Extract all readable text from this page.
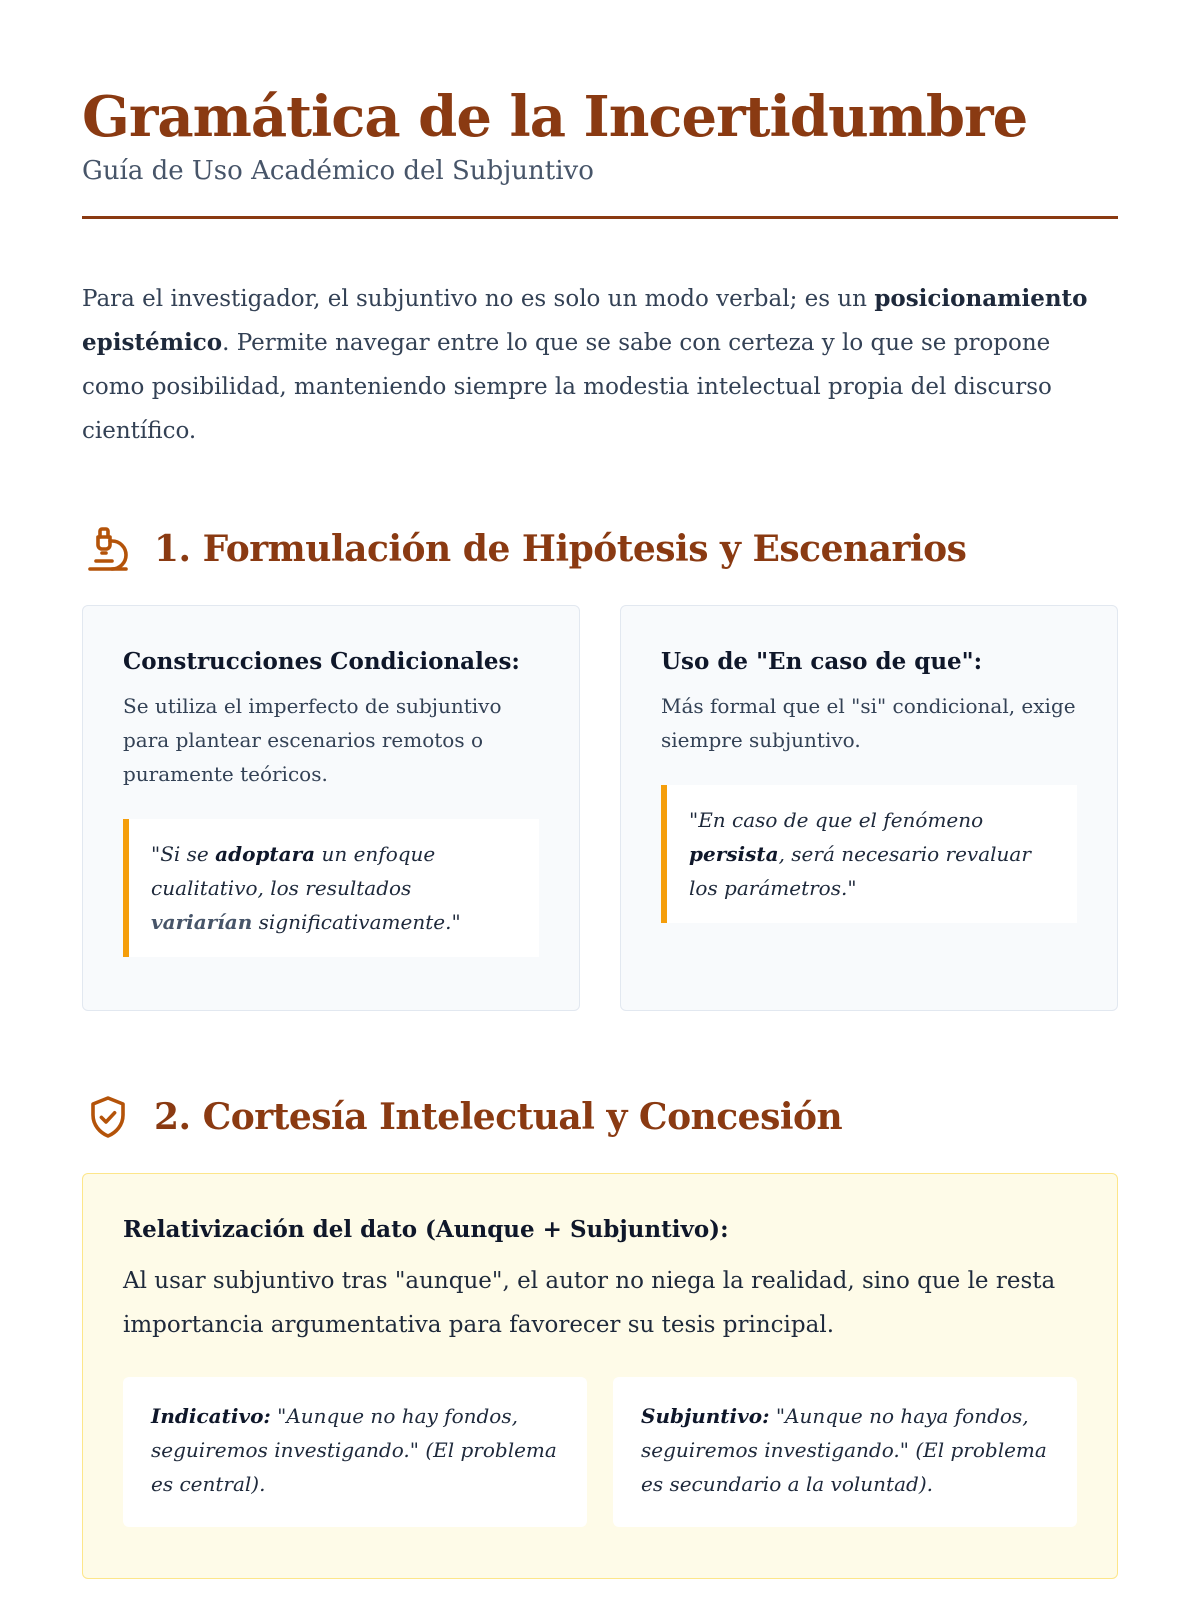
Gramática de la Incertidumbre
Guía de Uso Académico del Subjuntivo

Para el investigador, el subjuntivo no es solo un modo verbal; es un posicionamiento epistémico. Permite navegar entre lo que se sabe con certeza y lo que se propone como posibilidad, manteniendo siempre la modestia intelectual propia del discurso científico.

1. Formulación de Hipótesis y Escenarios
Construcciones Condicionales:

Se utiliza el imperfecto de subjuntivo para plantear escenarios remotos o puramente teóricos.

"Si se adoptara un enfoque cualitativo, los resultados variarían significativamente."
Uso de "En caso de que":

Más formal que el "si" condicional, exige siempre subjuntivo.

"En caso de que el fenómeno persista, será necesario revaluar los parámetros."
2. Cortesía Intelectual y Concesión
Relativización del dato (Aunque + Subjuntivo):

Al usar subjuntivo tras "aunque", el autor no niega la realidad, sino que le resta importancia argumentativa para favorecer su tesis principal.

Indicativo: "Aunque no hay fondos, seguiremos investigando." (El problema es central).
Subjuntivo: "Aunque no haya fondos, seguiremos investigando." (El problema es secundario a la voluntad).
